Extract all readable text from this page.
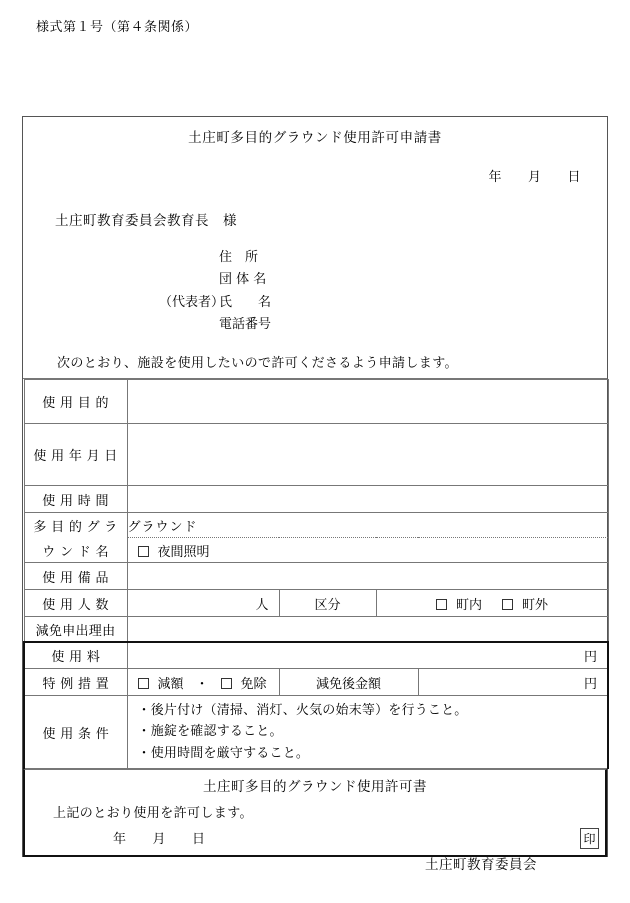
様式第１号（第４条関係）
土庄町多目的グラウンド使用許可申請書
年 月 日
土庄町教育委員会教育長 様
住　所
団 体 名
（代表者）氏　　名
電話番号
次のとおり、施設を使用したいので許可くださるよう申請します。
使 用 目 的				
使 用 年 月 日				
使 用 時 間				
多 目 的 グ ラ	グラウンド			
ウ ン ド 名	夜間照明			
使 用 備 品				
使 用 人 数	人	区分	町内 町外	
減免申出理由				
使 用 料	円			
特 例 措 置	減額 ・ 免除	減免後金額		円
使 用 条 件	・後片付け（清掃、消灯、火気の始末等）を行うこと。
・施錠を確認すること。
・使用時間を厳守すること。			
土庄町多目的グラウンド使用許可書
上記のとおり使用を許可します。
年 月 日
土庄町教育委員会
印
